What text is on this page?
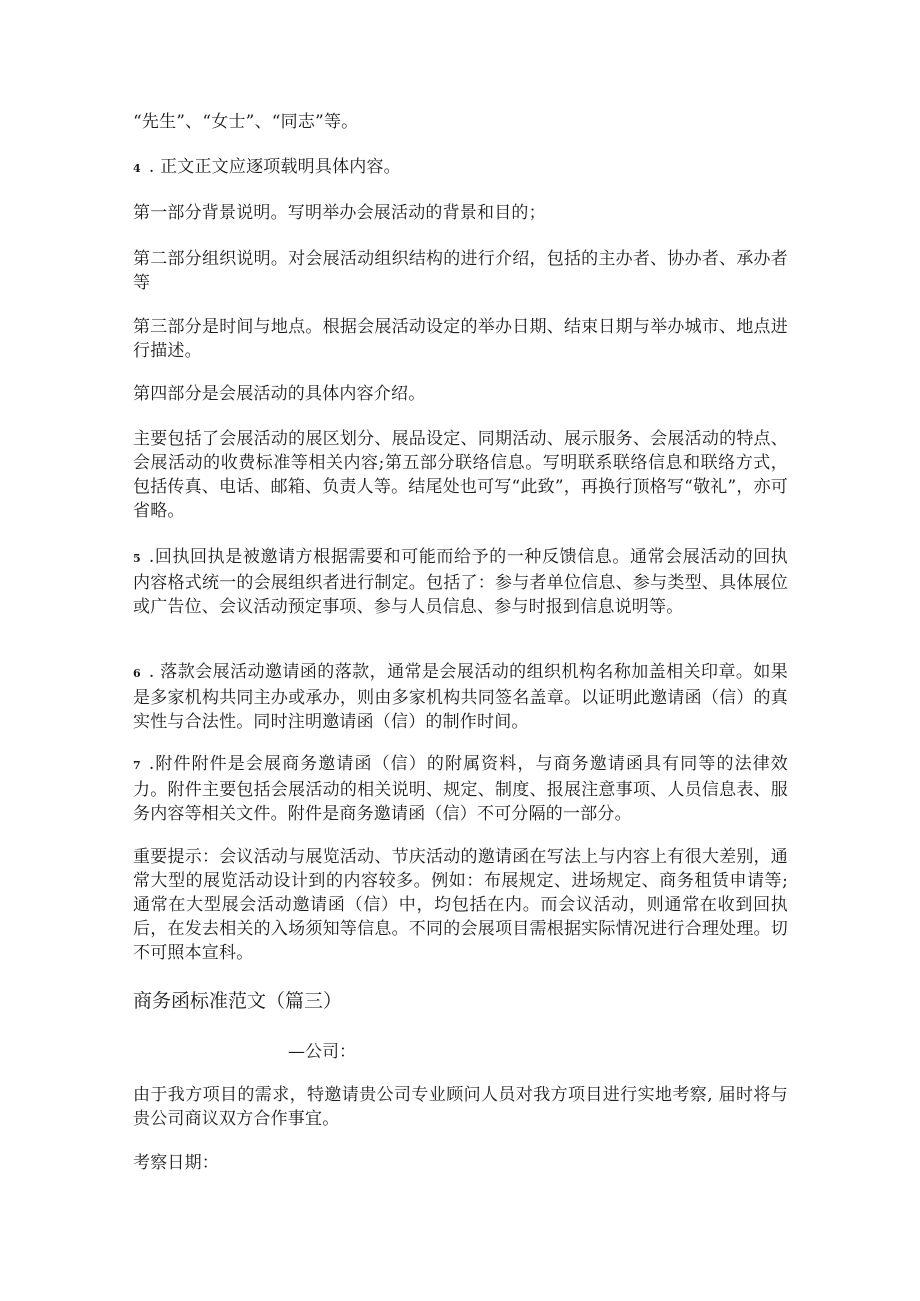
“先生”、“女士”、“同志”等。

4 . 正文正文应逐项载明具体内容。

第一部分背景说明。写明举办会展活动的背景和目的；

第二部分组织说明。对会展活动组织结构的进行介绍，包括的主办者、协办者、承办者等

第三部分是时间与地点。根据会展活动设定的举办日期、结束日期与举办城市、地点进行描述。

第四部分是会展活动的具体内容介绍。

主要包括了会展活动的展区划分、展品设定、同期活动、展示服务、会展活动的特点、会展活动的收费标准等相关内容;第五部分联络信息。写明联系联络信息和联络方式，包括传真、电话、邮箱、负责人等。结尾处也可写“此致”，再换行顶格写“敬礼”，亦可省略。

5 .回执回执是被邀请方根据需要和可能而给予的一种反馈信息。通常会展活动的回执内容格式统一的会展组织者进行制定。包括了：参与者单位信息、参与类型、具体展位或广告位、会议活动预定事项、参与人员信息、参与时报到信息说明等。

6 . 落款会展活动邀请函的落款，通常是会展活动的组织机构名称加盖相关印章。如果是多家机构共同主办或承办，则由多家机构共同签名盖章。以证明此邀请函（信）的真实性与合法性。同时注明邀请函（信）的制作时间。

7 .附件附件是会展商务邀请函（信）的附属资料，与商务邀请函具有同等的法律效力。附件主要包括会展活动的相关说明、规定、制度、报展注意事项、人员信息表、服务内容等相关文件。附件是商务邀请函（信）不可分隔的一部分。

重要提示：会议活动与展览活动、节庆活动的邀请函在写法上与内容上有很大差别，通常大型的展览活动设计到的内容较多。例如：布展规定、进场规定、商务租赁申请等;通常在大型展会活动邀请函（信）中，均包括在内。而会议活动，则通常在收到回执后，在发去相关的入场须知等信息。不同的会展项目需根据实际情况进行合理处理。切不可照本宣科。

商务函标准范文（篇三）
—公司：

由于我方项目的需求，特邀请贵公司专业顾问人员对我方项目进行实地考察, 届时将与贵公司商议双方合作事宜。

考察日期：
